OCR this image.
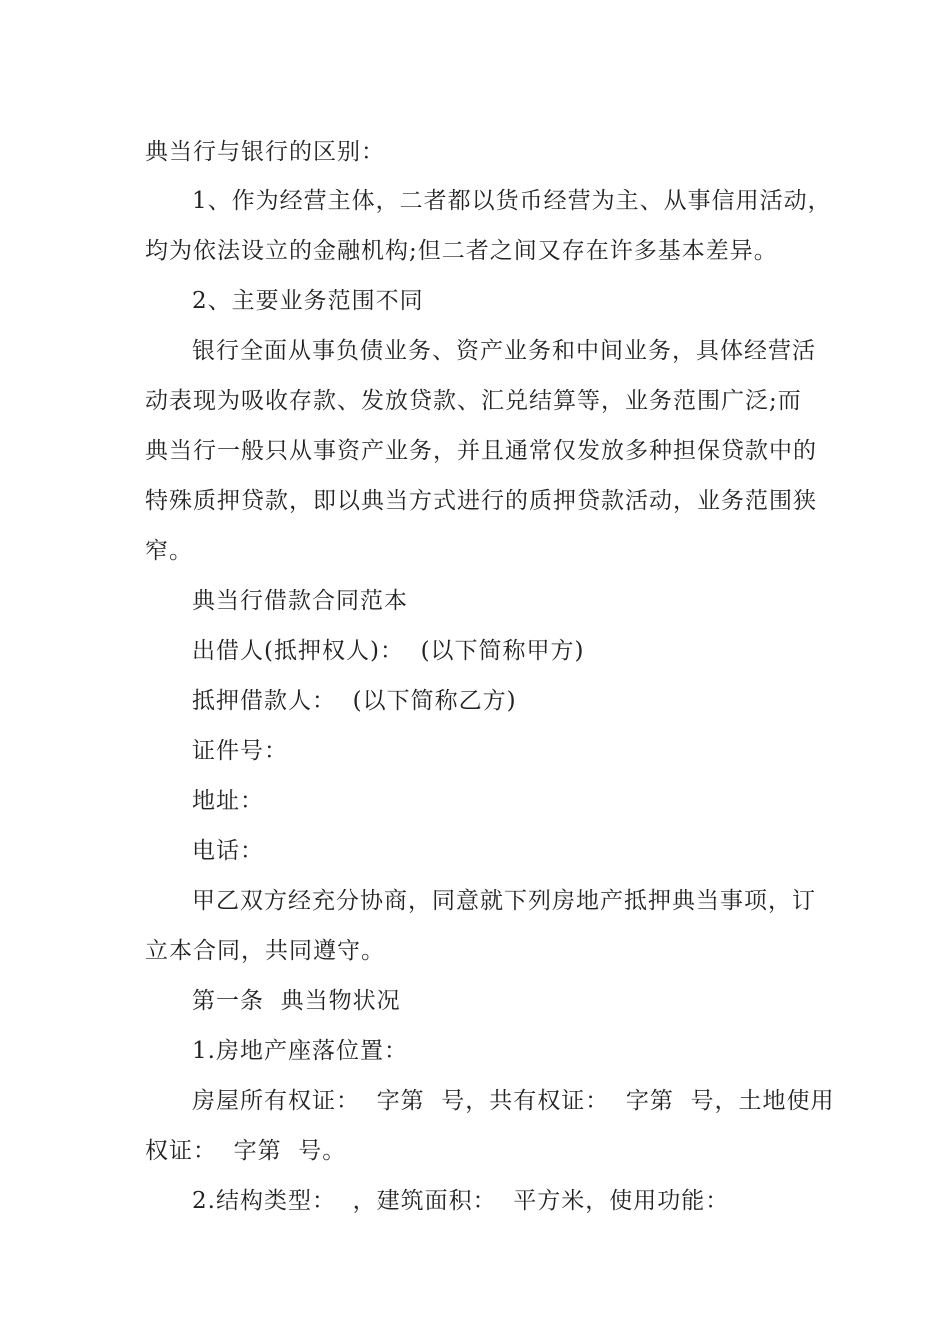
典当行与银行的区别：
1、作为经营主体，二者都以货币经营为主、从事信用活动，
均为依法设立的金融机构;但二者之间又存在许多基本差异。
2、主要业务范围不同
银行全面从事负债业务、资产业务和中间业务，具体经营活
动表现为吸收存款、发放贷款、汇兑结算等，业务范围广泛;而
典当行一般只从事资产业务，并且通常仅发放多种担保贷款中的
特殊质押贷款，即以典当方式进行的质押贷款活动，业务范围狭
窄。
典当行借款合同范本
出借人(抵押权人)：  (以下简称甲方)
抵押借款人：  (以下简称乙方)
证件号：
地址：
电话：
甲乙双方经充分协商，同意就下列房地产抵押典当事项，订
立本合同，共同遵守。
第一条  典当物状况
1.房地产座落位置：
房屋所有权证：  字第  号，共有权证：  字第  号，土地使用
权证：  字第  号。
2.结构类型：  ，建筑面积：  平方米，使用功能：
